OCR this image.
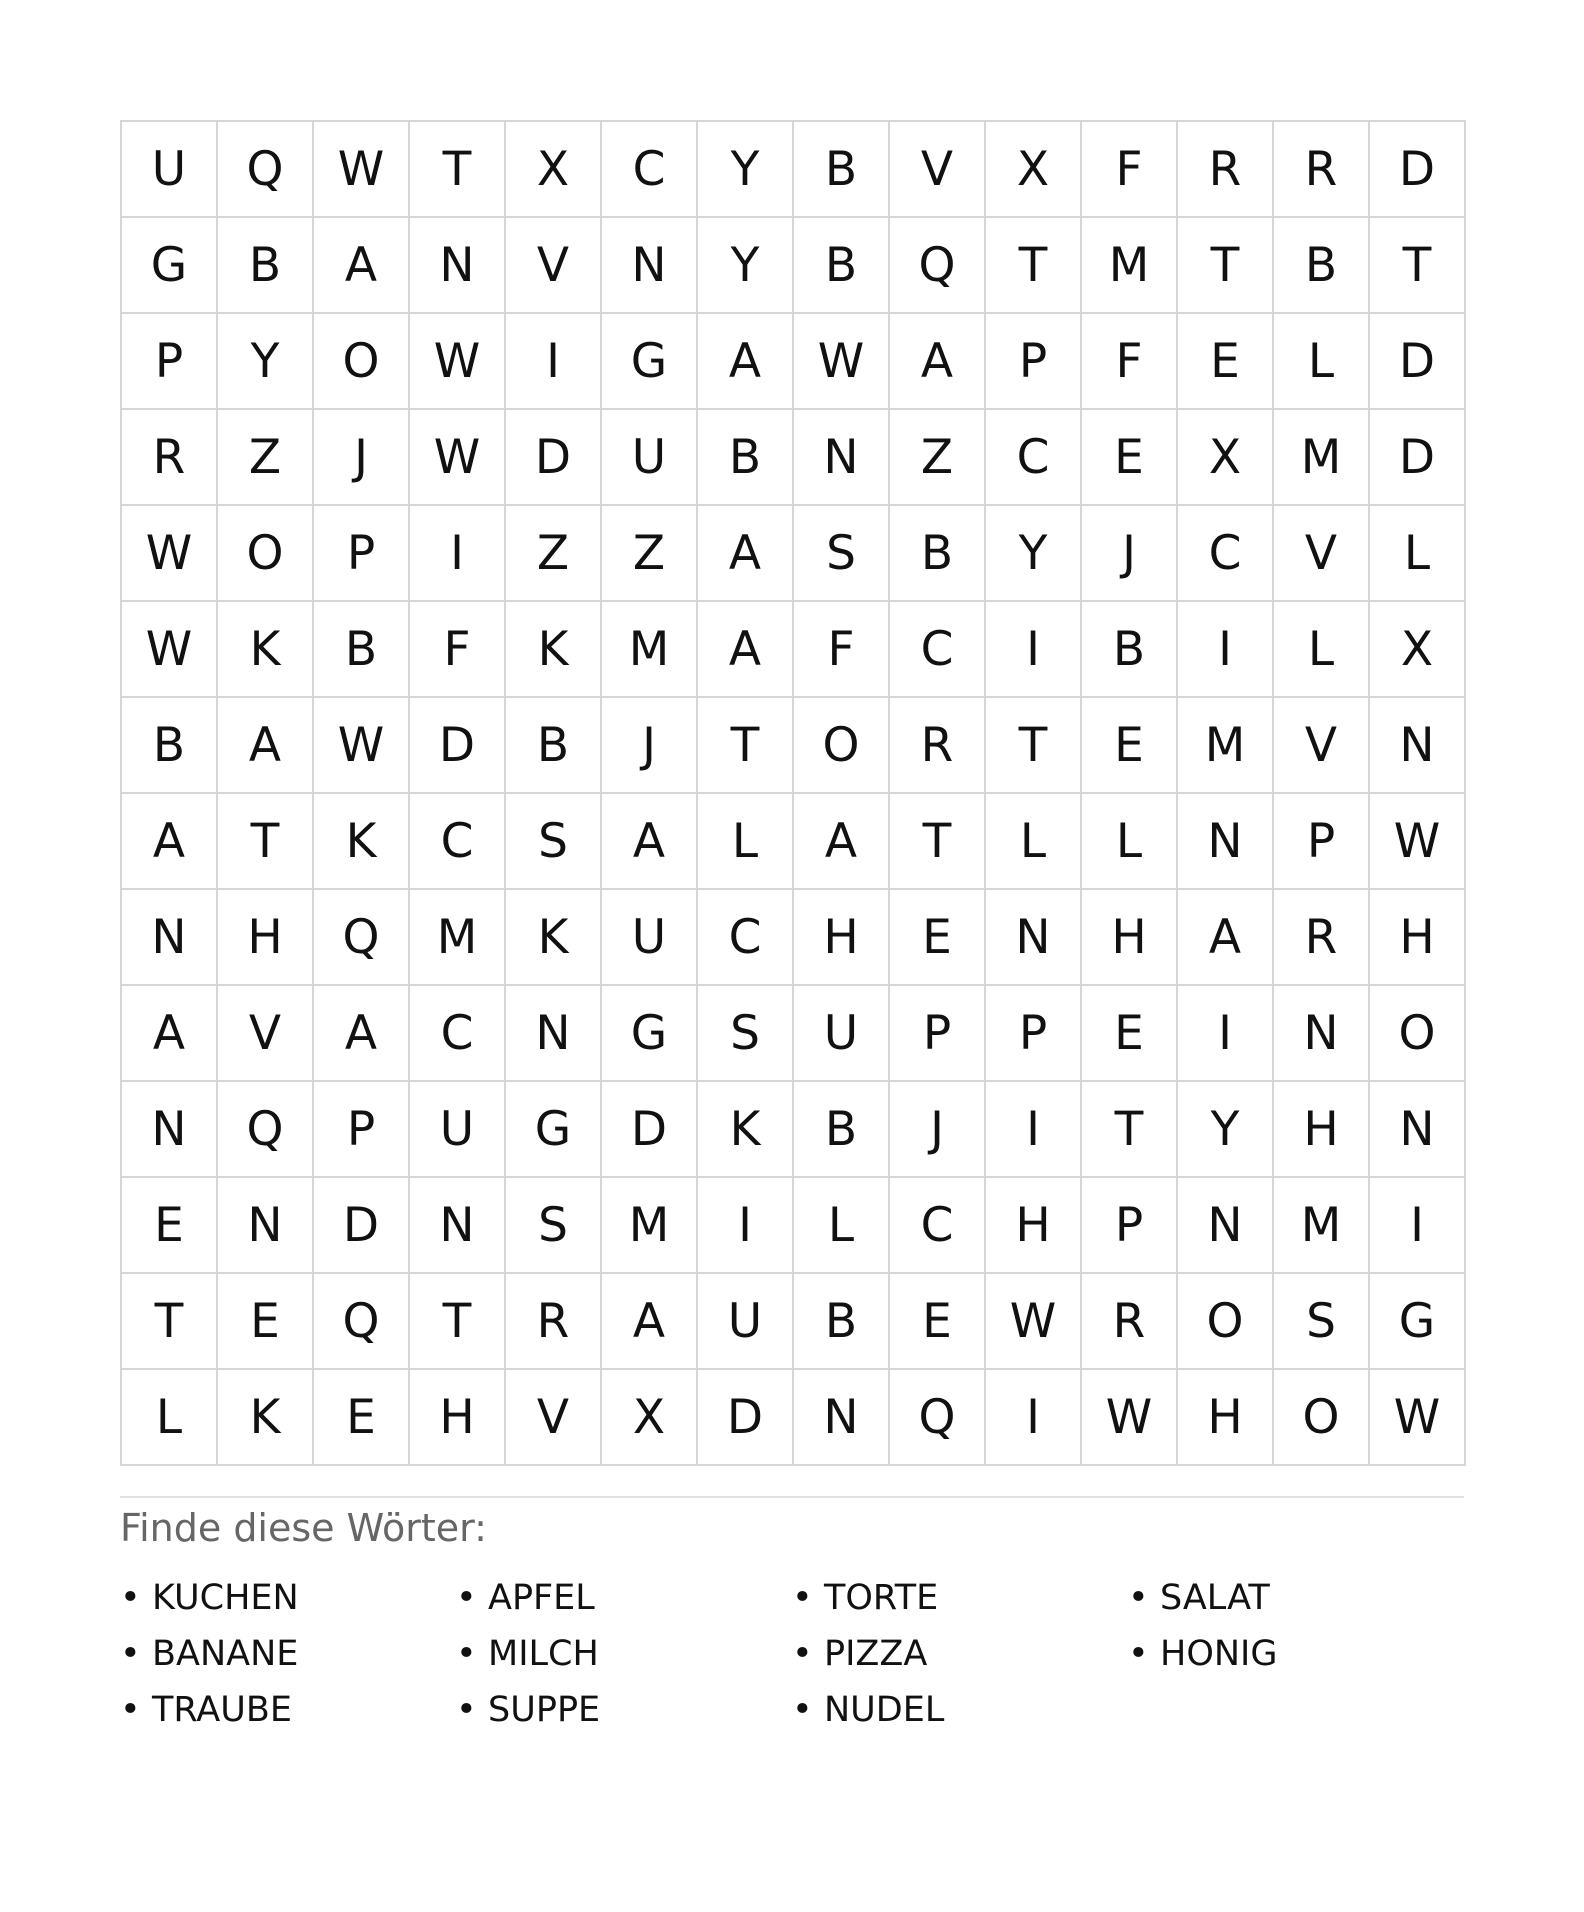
U	Q	W	T	X	C	Y	B	V	X	F	R	R	D
G	B	A	N	V	N	Y	B	Q	T	M	T	B	T
P	Y	O	W	I	G	A	W	A	P	F	E	L	D
R	Z	J	W	D	U	B	N	Z	C	E	X	M	D
W	O	P	I	Z	Z	A	S	B	Y	J	C	V	L
W	K	B	F	K	M	A	F	C	I	B	I	L	X
B	A	W	D	B	J	T	O	R	T	E	M	V	N
A	T	K	C	S	A	L	A	T	L	L	N	P	W
N	H	Q	M	K	U	C	H	E	N	H	A	R	H
A	V	A	C	N	G	S	U	P	P	E	I	N	O
N	Q	P	U	G	D	K	B	J	I	T	Y	H	N
E	N	D	N	S	M	I	L	C	H	P	N	M	I
T	E	Q	T	R	A	U	B	E	W	R	O	S	G
L	K	E	H	V	X	D	N	Q	I	W	H	O	W
Finde diese Wörter:
• KUCHEN	• APFEL	• TORTE	• SALAT
• BANANE	• MILCH	• PIZZA	• HONIG
• TRAUBE	• SUPPE	• NUDEL
